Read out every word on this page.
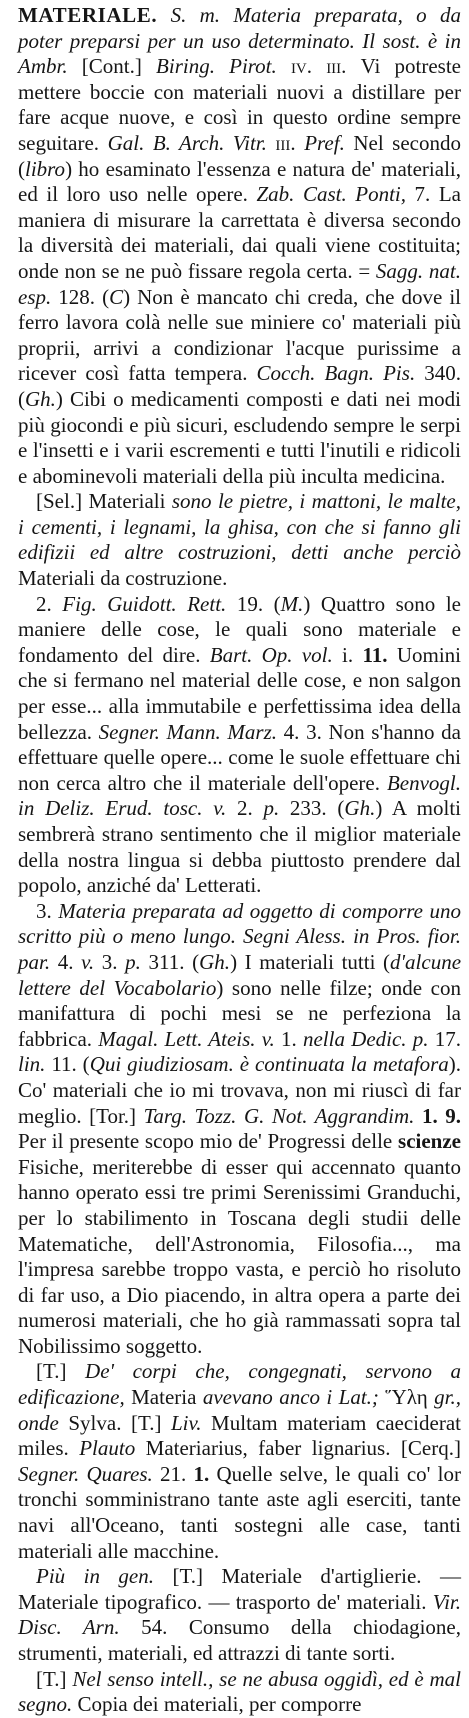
MATERIALE. S. m. Materia preparata, o da poter preparsi per un uso determinato. Il sost. è in Ambr. [Cont.] Biring. Pirot. iv. iii. Vi potreste mettere boccie con materiali nuovi a distillare per fare acque nuove, e così in questo ordine sempre seguitare. Gal. B. Arch. Vitr. iii. Pref. Nel secondo (libro) ho esaminato l'essenza e natura de' materiali, ed il loro uso nelle opere. Zab. Cast. Ponti, 7. La maniera di misurare la carrettata è diversa secondo la diversità dei materiali, dai quali viene costituita; onde non se ne può fissare regola certa. = Sagg. nat. esp. 128. (C) Non è mancato chi creda, che dove il ferro lavora colà nelle sue miniere co' materiali più proprii, arrivi a condizionar l'acque purissime a ricever così fatta tempera. Cocch. Bagn. Pis. 340. (Gh.) Cibi o medicamenti composti e dati nei modi più giocondi e più sicuri, escludendo sempre le serpi e l'insetti e i varii escrementi e tutti l'inutili e ridicoli e abominevoli materiali della più inculta medicina.

[Sel.] Materiali sono le pietre, i mattoni, le malte, i cementi, i legnami, la ghisa, con che si fanno gli edifizii ed altre costruzioni, detti anche perciò Materiali da costruzione.

2. Fig. Guidott. Rett. 19. (M.) Quattro sono le maniere delle cose, le quali sono materiale e fondamento del dire. Bart. Op. vol. i. 11. Uomini che si fermano nel material delle cose, e non salgon per esse... alla immutabile e perfettissima idea della bellezza. Segner. Mann. Marz. 4. 3. Non s'hanno da effettuare quelle opere... come le suole effettuare chi non cerca altro che il materiale dell'opere. Benvogl. in Deliz. Erud. tosc. v. 2. p. 233. (Gh.) A molti sembrerà strano sentimento che il miglior materiale della nostra lingua si debba piuttosto prendere dal popolo, anziché da' Letterati.

3. Materia preparata ad oggetto di comporre uno scritto più o meno lungo. Segni Aless. in Pros. fior. par. 4. v. 3. p. 311. (Gh.) I materiali tutti (d'alcune lettere del Vocabolario) sono nelle filze; onde con manifattura di pochi mesi se ne perfeziona la fabbrica. Magal. Lett. Ateis. v. 1. nella Dedic. p. 17. lin. 11. (Qui giudiziosam. è continuata la metafora). Co' materiali che io mi trovava, non mi riuscì di far meglio. [Tor.] Targ. Tozz. G. Not. Aggrandim. 1. 9. Per il presente scopo mio de' Progressi delle scienze Fisiche, meriterebbe di esser qui accennato quanto hanno operato essi tre primi Serenissimi Granduchi, per lo stabilimento in Toscana degli studii delle Matematiche, dell'Astronomia, Filosofia..., ma l'impresa sarebbe troppo vasta, e perciò ho risoluto di far uso, a Dio piacendo, in altra opera a parte dei numerosi materiali, che ho già rammassati sopra tal Nobilissimo soggetto.

[T.] De' corpi che, congegnati, servono a edificazione, Materia avevano anco i Lat.; Ὕλη gr., onde Sylva. [T.] Liv. Multam materiam caeciderat miles. Plauto Materiarius, faber lignarius. [Cerq.] Segner. Quares. 21. 1. Quelle selve, le quali co' lor tronchi somministrano tante aste agli eserciti, tante navi all'Oceano, tanti sostegni alle case, tanti materiali alle macchine.

Più in gen. [T.] Materiale d'artiglierie. — Materiale tipografico. — trasporto de' materiali. Vir. Disc. Arn. 54. Consumo della chiodagione, strumenti, materiali, ed attrazzi di tante sorti.

[T.] Nel senso intell., se ne abusa oggidì, ed è mal segno. Copia dei materiali, per comporre
